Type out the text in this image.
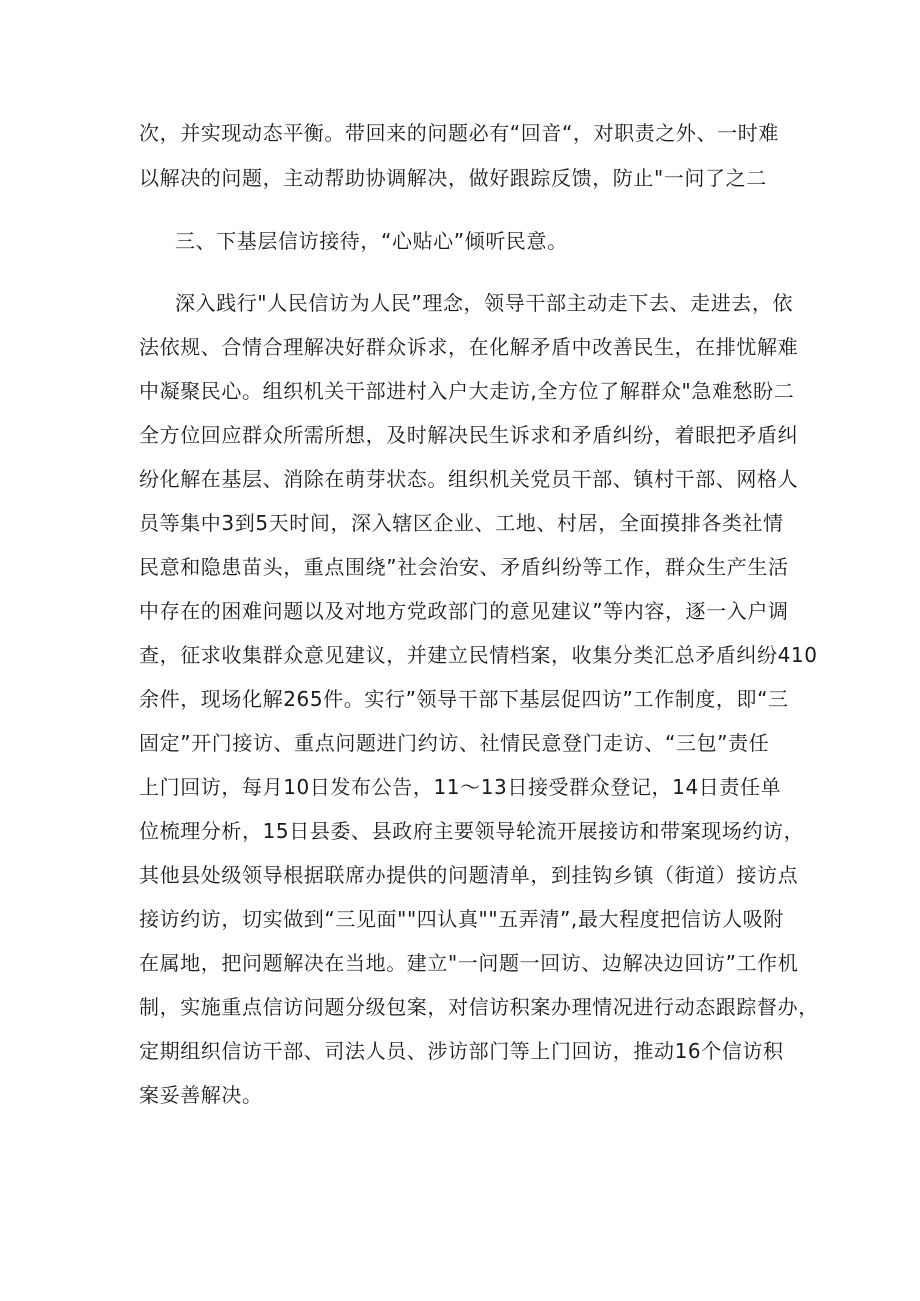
次，并实现动态平衡。带回来的问题必有“回音“，对职责之外、一时难
以解决的问题，主动帮助协调解决，做好跟踪反馈，防止"一问了之二
三、下基层信访接待，“心贴心”倾听民意。
深入践行"人民信访为人民”理念，领导干部主动走下去、走进去，依
法依规、合情合理解决好群众诉求，在化解矛盾中改善民生，在排忧解难
中凝聚民心。组织机关干部进村入户大走访,全方位了解群众"急难愁盼二
全方位回应群众所需所想，及时解决民生诉求和矛盾纠纷，着眼把矛盾纠
纷化解在基层、消除在萌芽状态。组织机关党员干部、镇村干部、网格人
员等集中3到5天时间，深入辖区企业、工地、村居，全面摸排各类社情
民意和隐患苗头，重点围绕”社会治安、矛盾纠纷等工作，群众生产生活
中存在的困难问题以及对地方党政部门的意见建议”等内容，逐一入户调
查，征求收集群众意见建议，并建立民情档案，收集分类汇总矛盾纠纷410
余件，现场化解265件。实行”领导干部下基层促四访”工作制度，即“三
固定”开门接访、重点问题进门约访、社情民意登门走访、“三包”责任
上门回访，每月10日发布公告，11～13日接受群众登记，14日责任单
位梳理分析，15日县委、县政府主要领导轮流开展接访和带案现场约访，
其他县处级领导根据联席办提供的问题清单，到挂钩乡镇（街道）接访点
接访约访，切实做到“三见面""四认真""五弄清”,最大程度把信访人吸附
在属地，把问题解决在当地。建立"一问题一回访、边解决边回访”工作机
制，实施重点信访问题分级包案，对信访积案办理情况进行动态跟踪督办，
定期组织信访干部、司法人员、涉访部门等上门回访，推动16个信访积
案妥善解决。
